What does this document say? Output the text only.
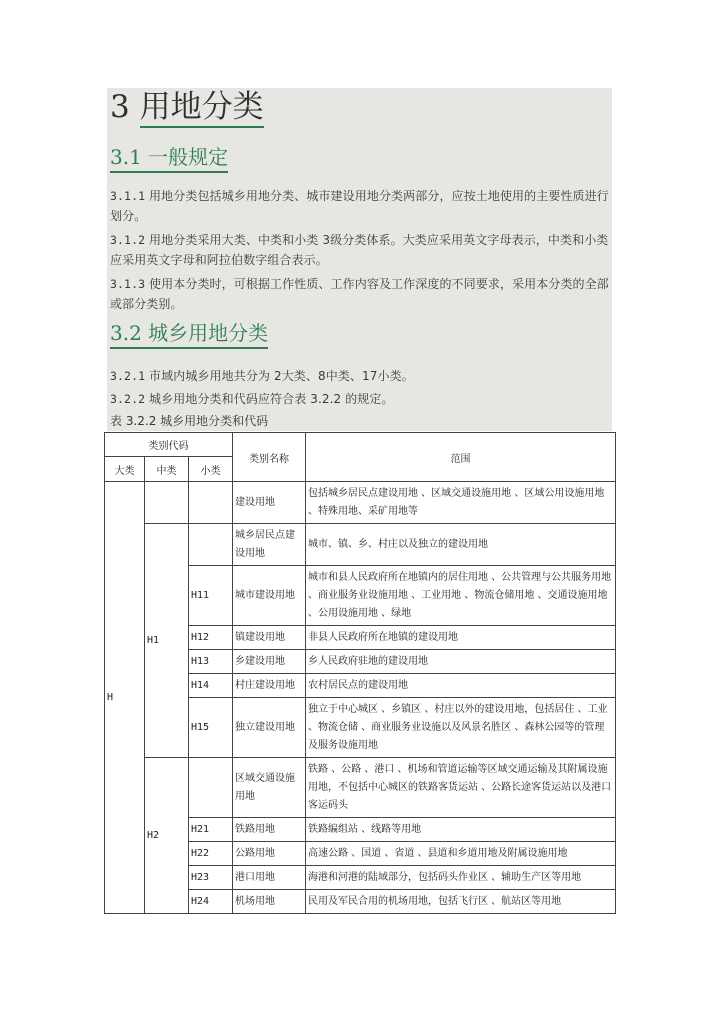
3 用地分类
3.1 一般规定

3.1.1 用地分类包括城乡用地分类、城市建设用地分类两部分，应按土地使用的主要性质进行划分。

3.1.2 用地分类采用大类、中类和小类 3级分类体系。大类应采用英文字母表示，中类和小类应采用英文字母和阿拉伯数字组合表示。

3.1.3 使用本分类时，可根据工作性质、工作内容及工作深度的不同要求，采用本分类的全部或部分类别。

3.2 城乡用地分类

3.2.1 市域内城乡用地共分为 2大类、8中类、17小类。

3.2.2 城乡用地分类和代码应符合表 3.2.2 的规定。

表 3.2.2 城乡用地分类和代码
类别代码			类别名称	范围
大类	中类	小类		
H			建设用地	包括城乡居民点建设用地 、区域交通设施用地 、区域公用设施用地 、特殊用地、采矿用地等
	H1		城乡居民点建设用地	城市、镇、乡、村庄以及独立的建设用地
		H11	城市建设用地	城市和县人民政府所在地镇内的居住用地 、公共管理与公共服务用地 、商业服务业设施用地 、工业用地 、物流仓储用地 、交通设施用地 、公用设施用地 、绿地
		H12	镇建设用地	非县人民政府所在地镇的建设用地
		H13	乡建设用地	乡人民政府驻地的建设用地
		H14	村庄建设用地	农村居民点的建设用地
		H15	独立建设用地	独立于中心城区 、乡镇区 、村庄以外的建设用地，包括居住 、工业 、物流仓储 、商业服务业设施以及风景名胜区 、森林公园等的管理及服务设施用地
	H2		区域交通设施用地	铁路 、公路 、港口 、机场和管道运输等区域交通运输及其附属设施用地，不包括中心城区的铁路客货运站 、公路长途客货运站以及港口客运码头
		H21	铁路用地	铁路编组站 、线路等用地
		H22	公路用地	高速公路 、国道 、省道 、县道和乡道用地及附属设施用地
		H23	港口用地	海港和河港的陆域部分，包括码头作业区 、辅助生产区等用地
		H24	机场用地	民用及军民合用的机场用地，包括飞行区 、航站区等用地
